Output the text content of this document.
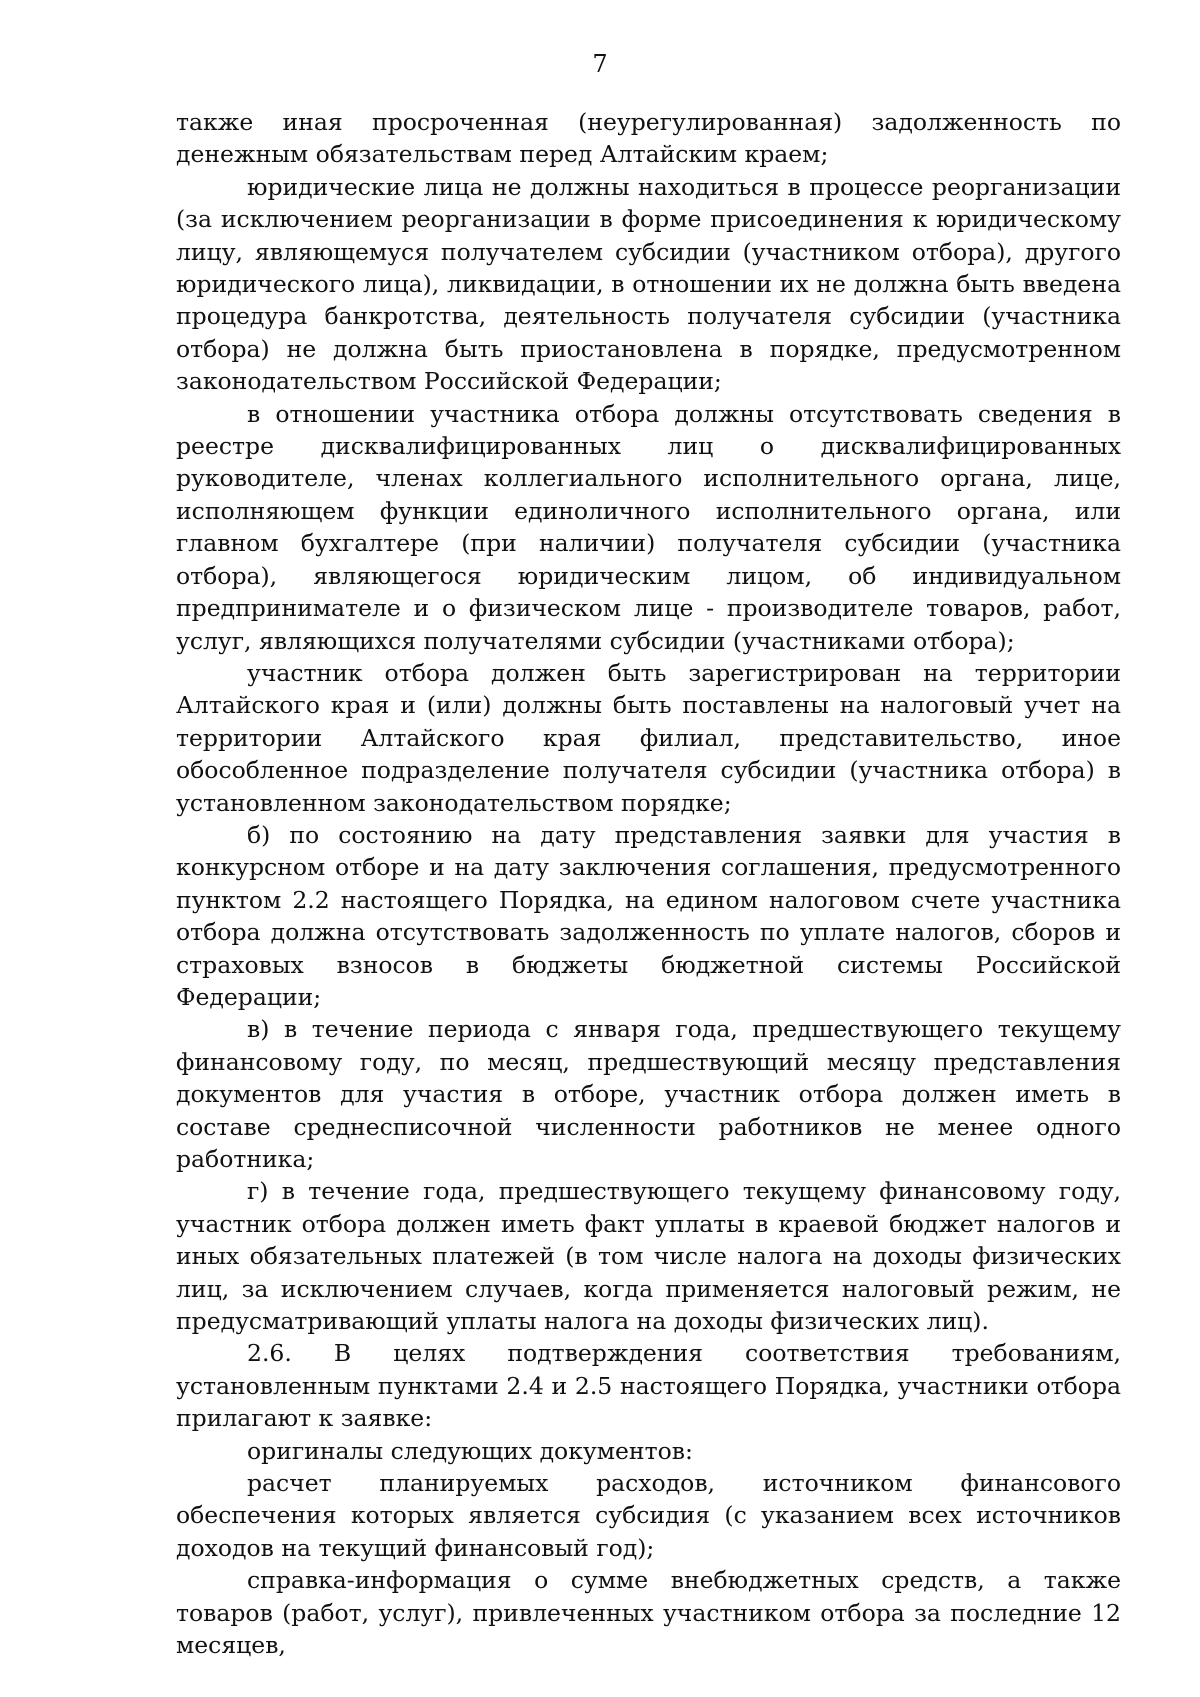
7

также иная просроченная (неурегулированная) задолженность по денежным обязательствам перед Алтайским краем;

юридические лица не должны находиться в процессе реорганизации (за исключением реорганизации в форме присоединения к юридическому лицу, являющемуся получателем субсидии (участником отбора), другого юридического лица), ликвидации, в отношении их не должна быть введена процедура банкротства, деятельность получателя субсидии (участника отбора) не должна быть приостановлена в порядке, предусмотренном законодательством Российской Федерации;

в отношении участника отбора должны отсутствовать сведения в реестре дисквалифицированных лиц о дисквалифицированных руководителе, членах коллегиального исполнительного органа, лице, исполняющем функции единоличного исполнительного органа, или главном бухгалтере (при наличии) получателя субсидии (участника отбора), являющегося юридическим лицом, об индивидуальном предпринимателе и о физическом лице - производителе товаров, работ, услуг, являющихся получателями субсидии (участниками отбора);

участник отбора должен быть зарегистрирован на территории Алтайского края и (или) должны быть поставлены на налоговый учет на территории Алтайского края филиал, представительство, иное обособленное подразделение получателя субсидии (участника отбора) в установленном законодательством порядке;

б) по состоянию на дату представления заявки для участия в конкурсном отборе и на дату заключения соглашения, предусмотренного пунктом 2.2 настоящего Порядка, на едином налоговом счете участника отбора должна отсутствовать задолженность по уплате налогов, сборов и страховых взносов в бюджеты бюджетной системы Российской Федерации;

в) в течение периода с января года, предшествующего текущему финансовому году, по месяц, предшествующий месяцу представления документов для участия в отборе, участник отбора должен иметь в составе среднесписочной численности работников не менее одного работника;

г) в течение года, предшествующего текущему финансовому году, участник отбора должен иметь факт уплаты в краевой бюджет налогов и иных обязательных платежей (в том числе налога на доходы физических лиц, за исключением случаев, когда применяется налоговый режим, не предусматривающий уплаты налога на доходы физических лиц).

2.6. В целях подтверждения соответствия требованиям, установленным пунктами 2.4 и 2.5 настоящего Порядка, участники отбора прилагают к заявке:

оригиналы следующих документов:

расчет планируемых расходов, источником финансового обеспечения которых является субсидия (с указанием всех источников доходов на текущий финансовый год);

справка-информация о сумме внебюджетных средств, а также товаров (работ, услуг), привлеченных участником отбора за последние 12 месяцев,
